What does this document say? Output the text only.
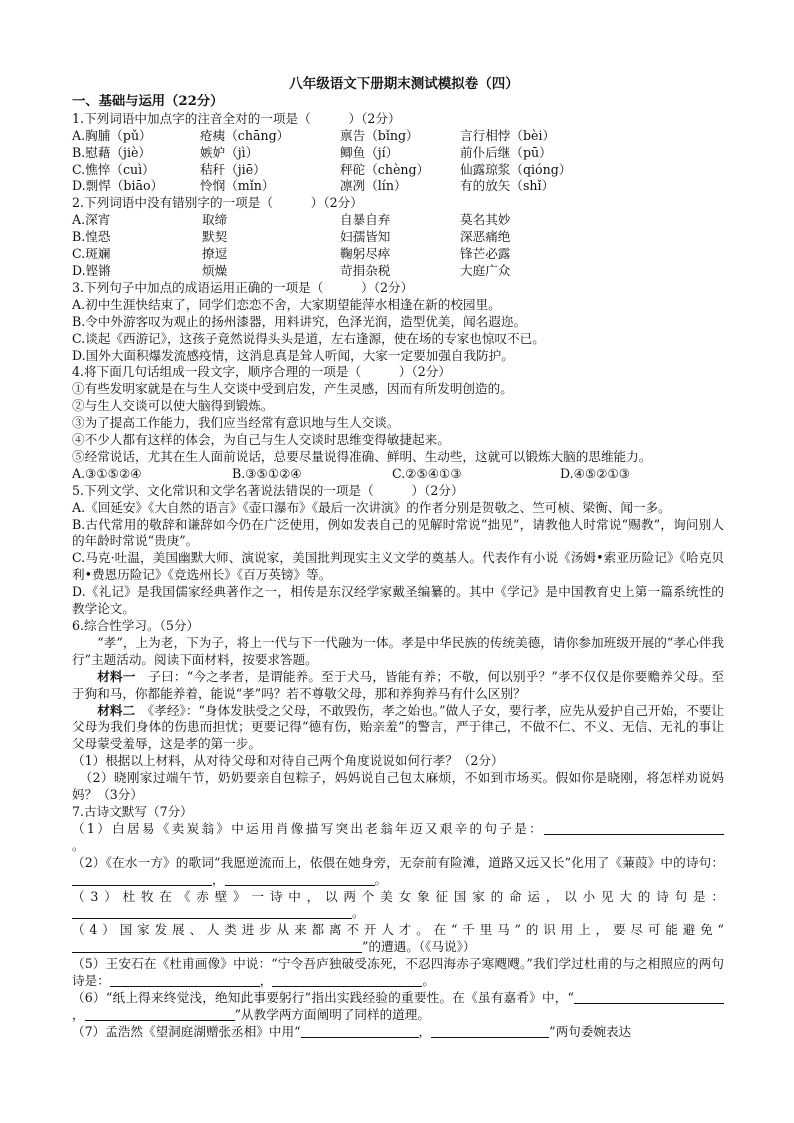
八年级语文下册期末测试模拟卷（四）
一、基础与运用（22分）
1.下列词语中加点字的注音全对的一项是（　　　）（2分）
A.胸脯（pǔ）	疮痍（chāng）	禀告（bǐng）	言行相悖（bèi）
B.慰藉（jiè）	嫉妒（jì）	鲫鱼（jí）	前仆后继（pū）
C.憔悴（cuì）	秸秆（jiē）	秤砣（chèng）	仙露琼浆（qióng）
D.剽悍（biāo）	怜悯（mǐn）	凛冽（lín）	有的放矢（shǐ）
2.下列词语中没有错别字的一项是（　　　）（2分）
A.深宵	取缔	自暴自弃	莫名其妙
B.惶恐	默契	妇孺皆知	深恶痛绝
C.斑斓	撩逗	鞠躬尽瘁	锋芒必露
D.铿锵	烦燥	苛捐杂税	大庭广众
3.下列句子中加点的成语运用正确的一项是（　　　）（2分）
A.初中生涯快结束了，同学们恋恋不舍，大家期望能萍水相逢在新的校园里。
B.令中外游客叹为观止的扬州漆器，用料讲究，色泽光润，造型优美，闻名遐迩。
C.谈起《西游记》，这孩子竟然说得头头是道，左右逢源，使在场的专家也惊叹不已。
D.国外大面积爆发流感疫情，这消息真是耸人听闻，大家一定要加强自我防护。
4.将下面几句话组成一段文字，顺序合理的一项是（　　　）（2分）
①有些发明家就是在与生人交谈中受到启发，产生灵感，因而有所发明创造的。
②与生人交谈可以使大脑得到锻炼。
③为了提高工作能力，我们应当经常有意识地与生人交谈。
④不少人都有这样的体会，为自己与生人交谈时思维变得敏捷起来。
⑤经常说话，尤其在生人面前说话，总要尽量说得准确、鲜明、生动些，这就可以锻炼大脑的思维能力。
A.③①⑤②④	B.③⑤①②④	C.②⑤④①③	D.④⑤②①③
5.下列文学、文化常识和文学名著说法错误的一项是（　　　）（2分）
A.《回延安》《大自然的语言》《壶口瀑布》《最后一次讲演》的作者分别是贺敬之、竺可桢、梁衡、闻一多。
B.古代常用的敬辞和谦辞如今仍在广泛使用，例如发表自己的见解时常说“拙见”，请教他人时常说“赐教”，询问别人的年龄时常说“贵庚”。
C.马克·吐温，美国幽默大师、演说家，美国批判现实主义文学的奠基人。代表作有小说《汤姆•索亚历险记》《哈克贝利•费恩历险记》《竞选州长》《百万英镑》等。
D.《礼记》是我国儒家经典著作之一，相传是东汉经学家戴圣编纂的。其中《学记》是中国教育史上第一篇系统性的教学论文。
6.综合性学习。（5分）
“孝”，上为老，下为子，将上一代与下一代融为一体。孝是中华民族的传统美德，请你参加班级开展的“孝心伴我行”主题活动。阅读下面材料，按要求答题。
材料一　子曰：“今之孝者，是谓能养。至于犬马，皆能有养；不敬，何以别乎？”孝不仅仅是你要赡养父母。至于狗和马，你都能养着，能说“孝”吗？若不尊敬父母，那和养狗养马有什么区别？
材料二　《孝经》：“身体发肤受之父母，不敢毁伤，孝之始也。”做人子女，要行孝，应先从爱护自己开始，不要让父母为我们身体的伤患而担忧；更要记得“德有伤，贻亲羞”的警言，严于律己，不做不仁、不义、无信、无礼的事让父母蒙受羞辱，这是孝的第一步。
（1）根据以上材料，从对待父母和对待自己两个角度说说如何行孝？（2分）
（2）晓刚家过端午节，奶奶要亲自包粽子，妈妈说自己包太麻烦，不如到市场买。假如你是晓刚，将怎样劝说妈妈？（3分）
7.古诗文默写（7分）
（1）白居易《卖炭翁》中运用肖像描写突出老翁年迈又艰辛的句子是：。
（2）《在水一方》的歌词“我愿逆流而上，依偎在她身旁，无奈前有险滩，道路又远又长”化用了《蒹葭》中的诗句：，	。
（3）杜牧在《赤壁》一诗中，以两个美女象征国家的命运，以小见大的诗句是：。
（4）国家发展、人类进步从来都离不开人才。在“千里马”的识用上，要尽可能避免“”的遭遇。（《马说》）
（5）王安石在《杜甫画像》中说：“宁令吾庐独破受冻死，不忍四海赤子寒飕飕。”我们学过杜甫的与之相照应的两句诗是：	，	。
（6）“纸上得来终觉浅，绝知此事要躬行”指出实践经验的重要性。在《虽有嘉肴》中，“，	”从教学两方面阐明了同样的道理。
（7）孟浩然《望洞庭湖赠张丞相》中用“	，	”两句委婉表达
